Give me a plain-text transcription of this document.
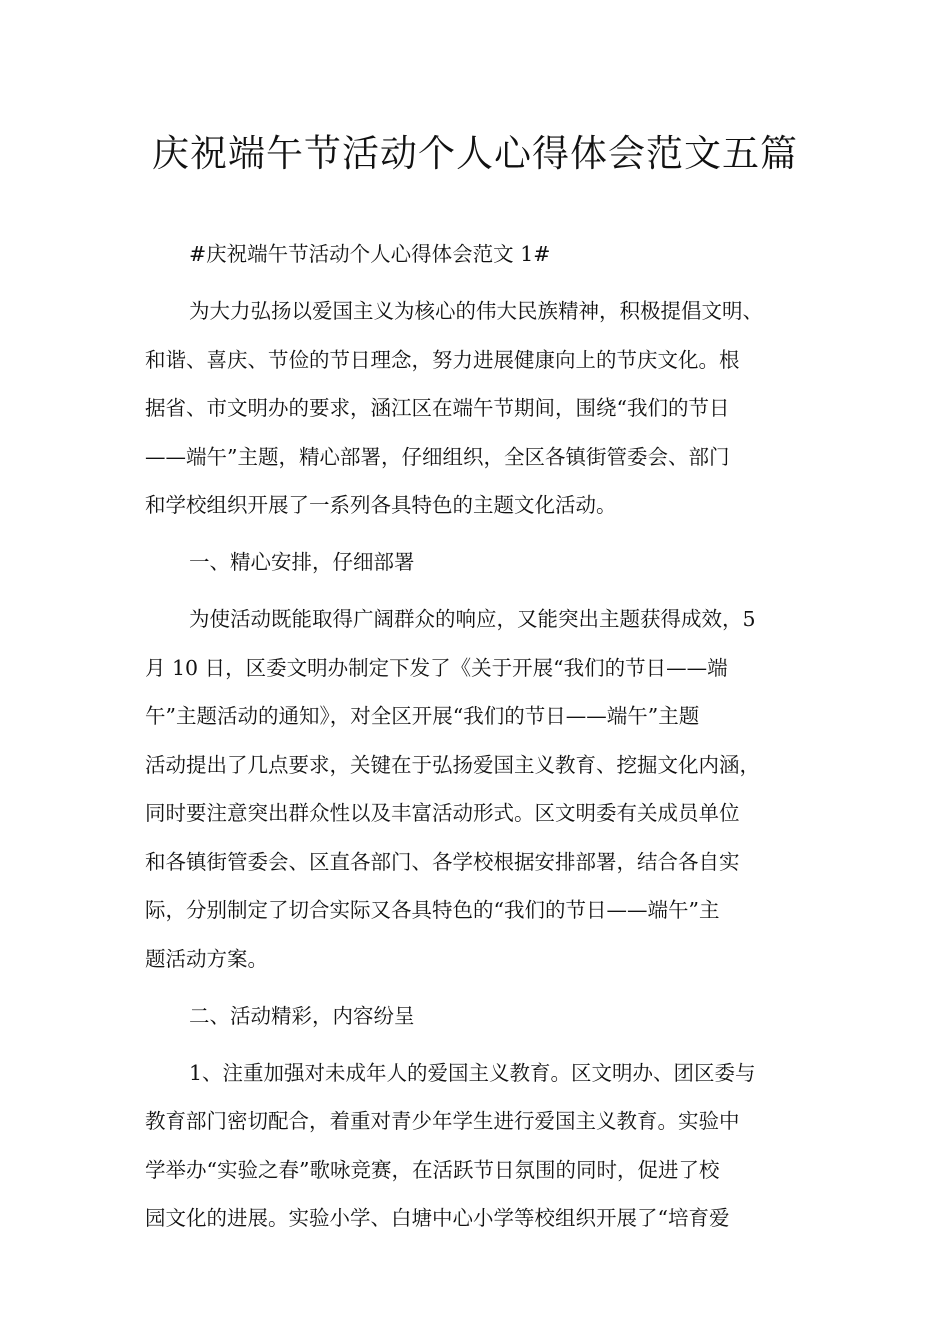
庆祝端午节活动个人心得体会范文五篇
#庆祝端午节活动个人心得体会范文 1#
为大力弘扬以爱国主义为核心的伟大民族精神，积极提倡文明、
和谐、喜庆、节俭的节日理念，努力进展健康向上的节庆文化。根
据省、市文明办的要求，涵江区在端午节期间，围绕“我们的节日
——端午”主题，精心部署，仔细组织，全区各镇街管委会、部门
和学校组织开展了一系列各具特色的主题文化活动。
一、精心安排，仔细部署
为使活动既能取得广阔群众的响应，又能突出主题获得成效，5
月 10 日，区委文明办制定下发了《关于开展“我们的节日——端
午”主题活动的通知》，对全区开展“我们的节日——端午”主题
活动提出了几点要求，关键在于弘扬爱国主义教育、挖掘文化内涵，
同时要注意突出群众性以及丰富活动形式。区文明委有关成员单位
和各镇街管委会、区直各部门、各学校根据安排部署，结合各自实
际，分别制定了切合实际又各具特色的“我们的节日——端午”主
题活动方案。
二、活动精彩，内容纷呈
1、注重加强对未成年人的爱国主义教育。区文明办、团区委与
教育部门密切配合，着重对青少年学生进行爱国主义教育。实验中
学举办“实验之春”歌咏竞赛，在活跃节日氛围的同时，促进了校
园文化的进展。实验小学、白塘中心小学等校组织开展了“培育爱
